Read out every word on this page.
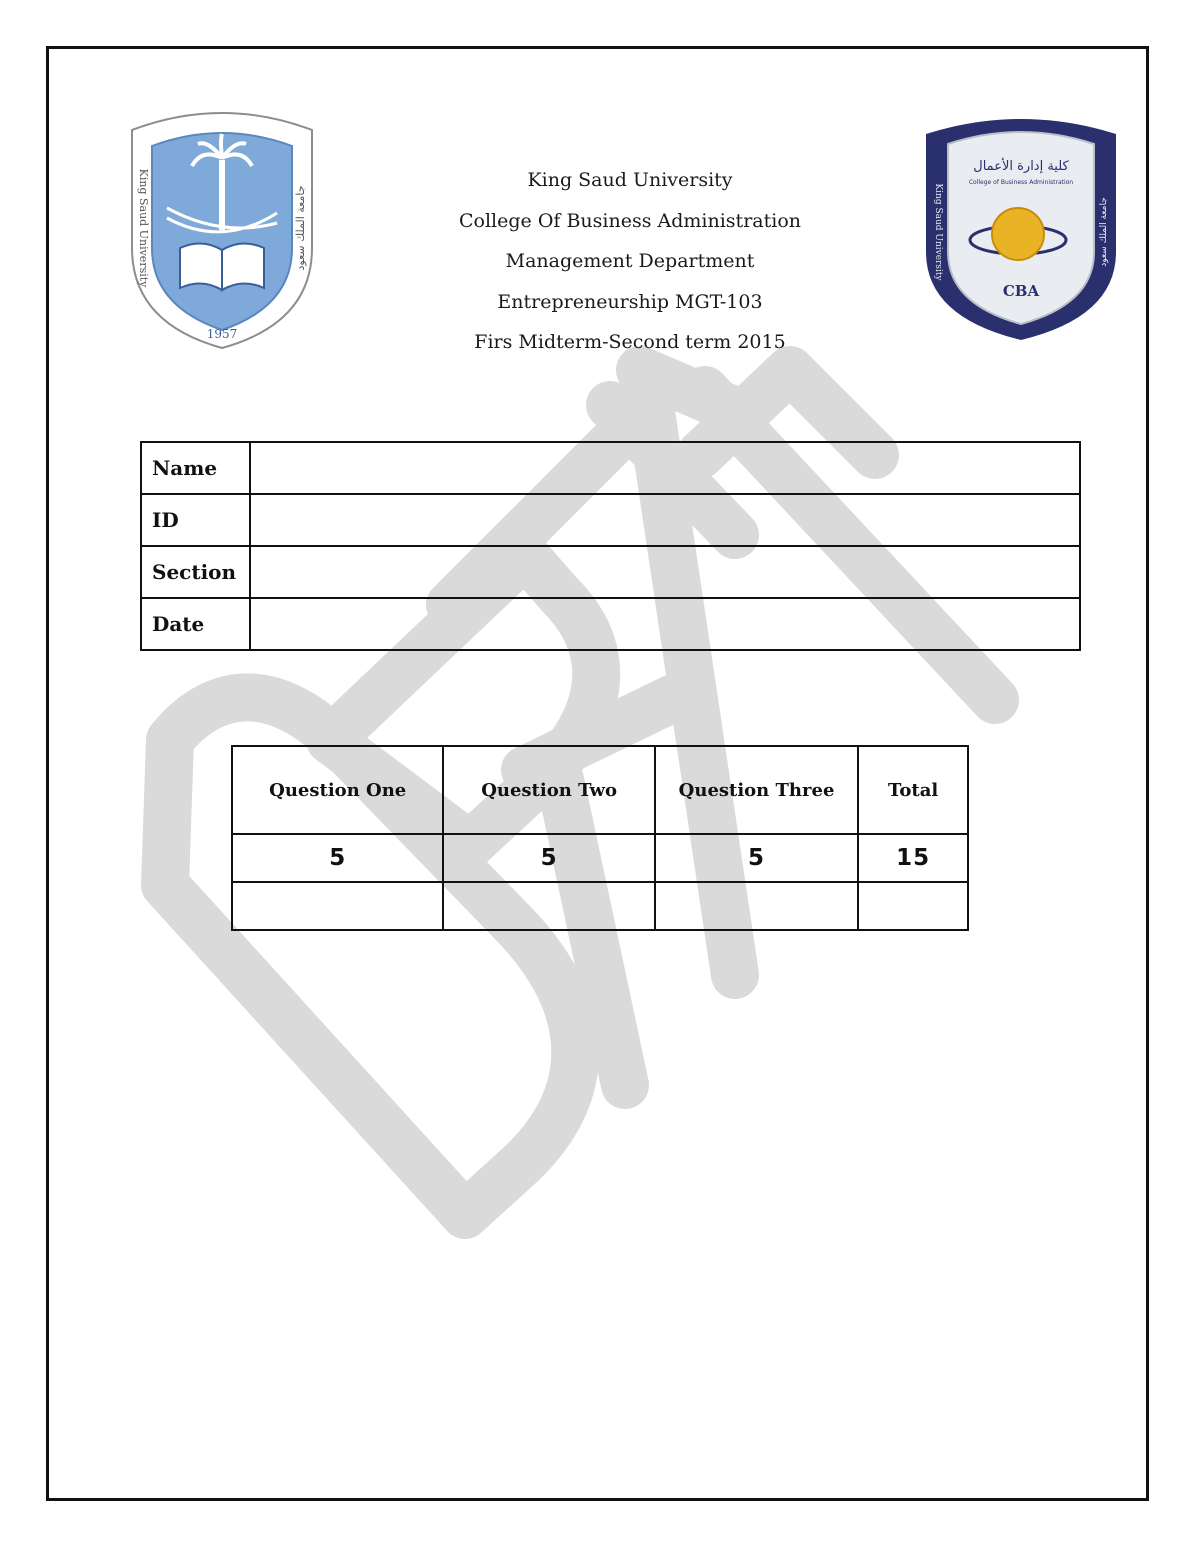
1957
King Saud University	جامعة الملك سعود
King Saud University
College Of Business Administration
Management Department
Entrepreneurship MGT-103
Firs Midterm-Second term 2015
كلية إدارة الأعمال
College of Business Administration
CBA
King Saud University	جامعة الملك سعود
Name	
ID	
Section	
Date	
Question One	Question Two	Question Three	Total
5	5	5	15
